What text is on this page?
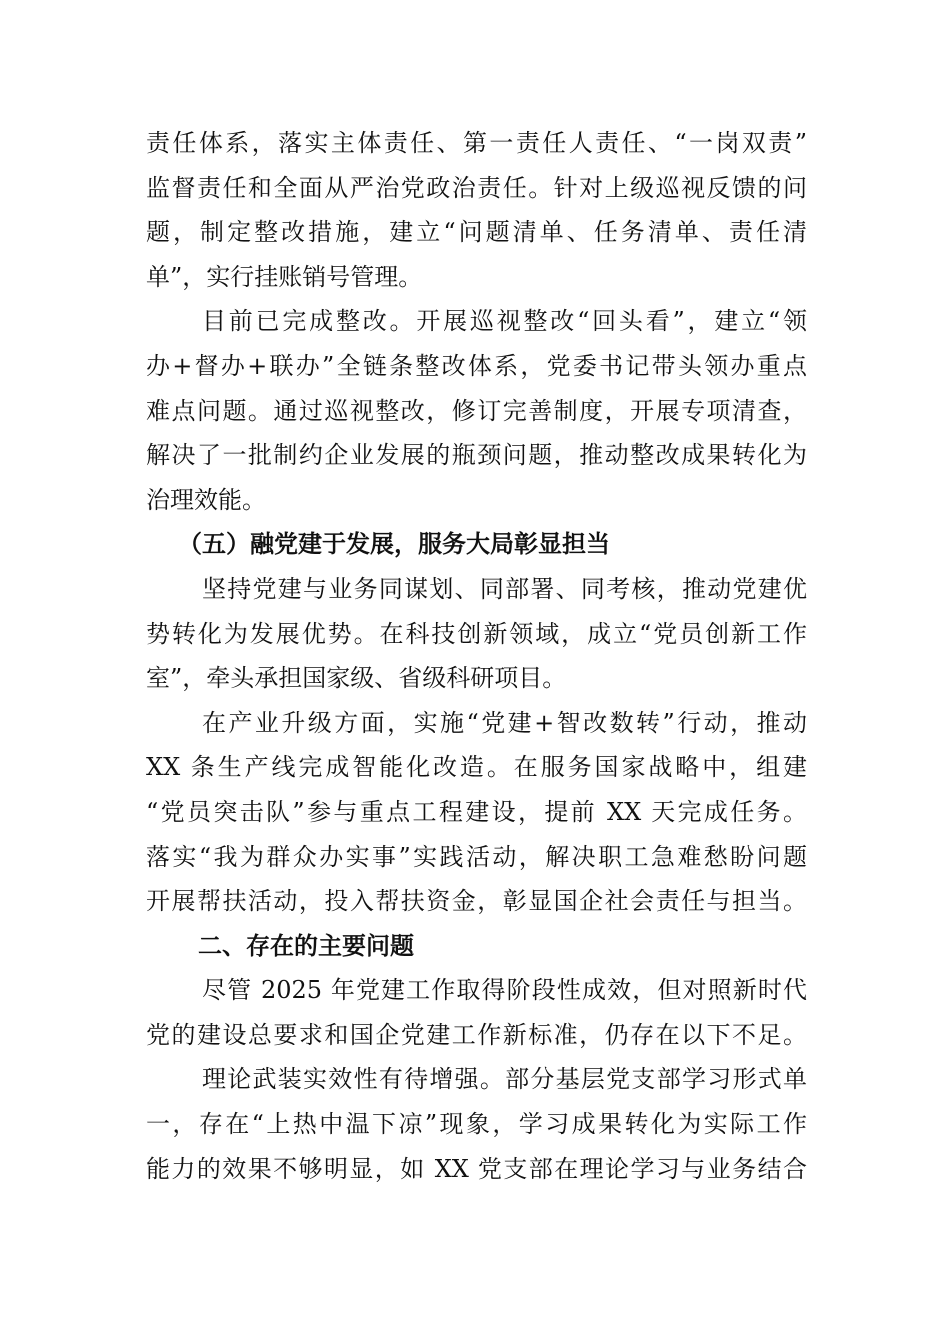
责任体系，落实主体责任、第一责任人责任、“一岗双责”
监督责任和全面从严治党政治责任。针对上级巡视反馈的问
题，制定整改措施，建立“问题清单、任务清单、责任清
单”，实行挂账销号管理。
目前已完成整改。开展巡视整改“回头看”，建立“领
办+督办+联办”全链条整改体系，党委书记带头领办重点
难点问题。通过巡视整改，修订完善制度，开展专项清查，
解决了一批制约企业发展的瓶颈问题，推动整改成果转化为
治理效能。
（五）融党建于发展，服务大局彰显担当
坚持党建与业务同谋划、同部署、同考核，推动党建优
势转化为发展优势。在科技创新领域，成立“党员创新工作
室”，牵头承担国家级、省级科研项目。
在产业升级方面，实施“党建+智改数转”行动，推动
XX 条生产线完成智能化改造。在服务国家战略中，组建
“党员突击队”参与重点工程建设，提前 XX 天完成任务。
落实“我为群众办实事”实践活动，解决职工急难愁盼问题
开展帮扶活动，投入帮扶资金，彰显国企社会责任与担当。
二、存在的主要问题
尽管 2025 年党建工作取得阶段性成效，但对照新时代
党的建设总要求和国企党建工作新标准，仍存在以下不足。
理论武装实效性有待增强。部分基层党支部学习形式单
一，存在“上热中温下凉”现象，学习成果转化为实际工作
能力的效果不够明显，如 XX 党支部在理论学习与业务结合
